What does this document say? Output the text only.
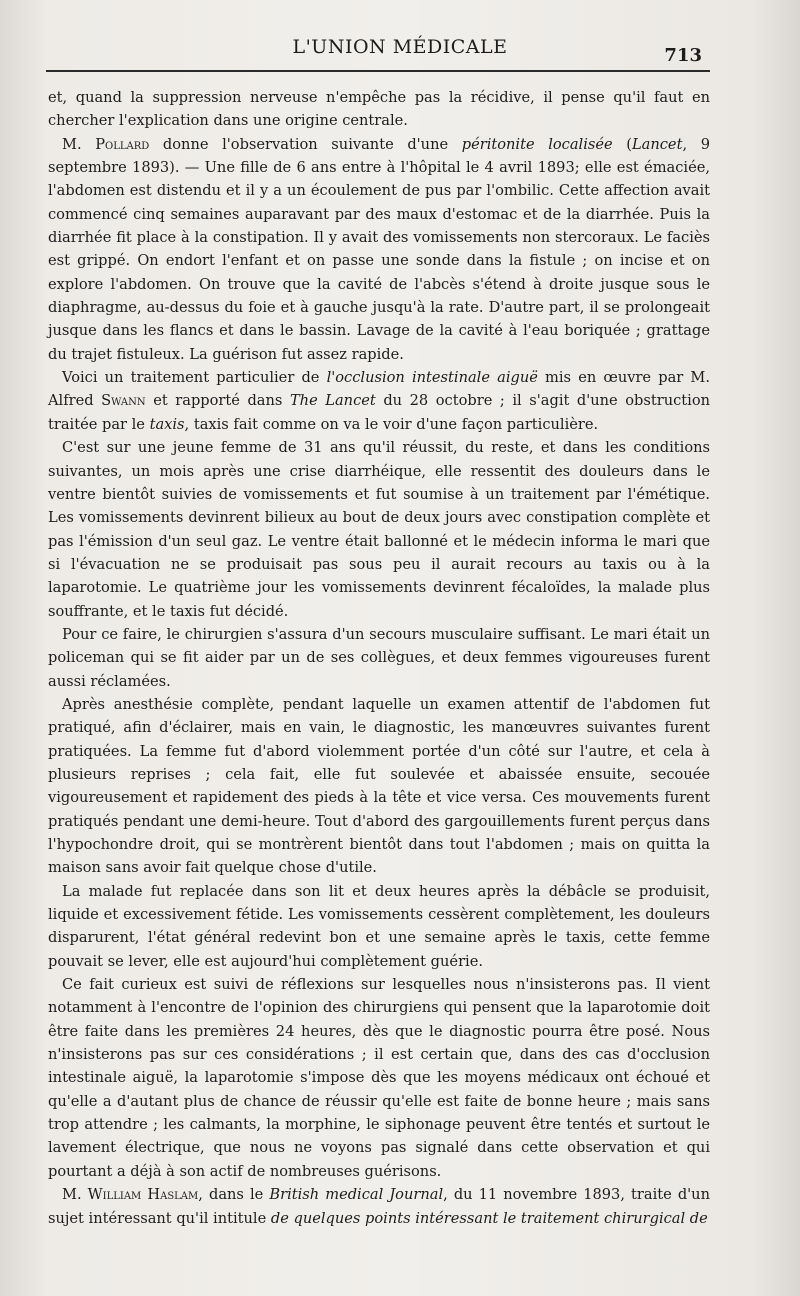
L'UNION MÉDICALE	713

et, quand la suppression nerveuse n'empêche pas la récidive, il pense qu'il faut en chercher l'explication dans une origine centrale.

M. Pollard donne l'observation suivante d'une péritonite localisée (Lancet, 9 septembre 1893). — Une fille de 6 ans entre à l'hôpital le 4 avril 1893; elle est émaciée, l'abdomen est distendu et il y a un écoulement de pus par l'ombilic. Cette affection avait commencé cinq semaines auparavant par des maux d'estomac et de la diarrhée. Puis la diarrhée fit place à la constipation. Il y avait des vomissements non stercoraux. Le faciès est grippé. On endort l'enfant et on passe une sonde dans la fistule ; on incise et on explore l'abdomen. On trouve que la cavité de l'abcès s'étend à droite jusque sous le diaphragme, au-dessus du foie et à gauche jusqu'à la rate. D'autre part, il se prolongeait jusque dans les flancs et dans le bassin. Lavage de la cavité à l'eau boriquée ; grattage du trajet fistuleux. La guérison fut assez rapide.

Voici un traitement particulier de l'occlusion intestinale aiguë mis en œuvre par M. Alfred Swann et rapporté dans The Lancet du 28 octobre ; il s'agit d'une obstruction traitée par le taxis, taxis fait comme on va le voir d'une façon particulière.

C'est sur une jeune femme de 31 ans qu'il réussit, du reste, et dans les conditions suivantes, un mois après une crise diarrhéique, elle ressentit des douleurs dans le ventre bientôt suivies de vomissements et fut soumise à un traitement par l'émétique. Les vomissements devinrent bilieux au bout de deux jours avec constipation complète et pas l'émission d'un seul gaz. Le ventre était ballonné et le médecin informa le mari que si l'évacuation ne se produisait pas sous peu il aurait recours au taxis ou à la laparotomie. Le quatrième jour les vomissements devinrent fécaloïdes, la malade plus souffrante, et le taxis fut décidé.

Pour ce faire, le chirurgien s'assura d'un secours musculaire suffisant. Le mari était un policeman qui se fit aider par un de ses collègues, et deux femmes vigoureuses furent aussi réclamées.

Après anesthésie complète, pendant laquelle un examen attentif de l'abdomen fut pratiqué, afin d'éclairer, mais en vain, le diagnostic, les manœuvres suivantes furent pratiquées. La femme fut d'abord violemment portée d'un côté sur l'autre, et cela à plusieurs reprises ; cela fait, elle fut soulevée et abaissée ensuite, secouée vigoureusement et rapidement des pieds à la tête et vice versa. Ces mouvements furent pratiqués pendant une demi-heure. Tout d'abord des gargouillements furent perçus dans l'hypochondre droit, qui se montrèrent bientôt dans tout l'abdomen ; mais on quitta la maison sans avoir fait quelque chose d'utile.

La malade fut replacée dans son lit et deux heures après la débâcle se produisit, liquide et excessivement fétide. Les vomissements cessèrent complètement, les douleurs disparurent, l'état général redevint bon et une semaine après le taxis, cette femme pouvait se lever, elle est aujourd'hui complètement guérie.

Ce fait curieux est suivi de réflexions sur lesquelles nous n'insisterons pas. Il vient notamment à l'encontre de l'opinion des chirurgiens qui pensent que la laparotomie doit être faite dans les premières 24 heures, dès que le diagnostic pourra être posé. Nous n'insisterons pas sur ces considérations ; il est certain que, dans des cas d'occlusion intestinale aiguë, la laparotomie s'impose dès que les moyens médicaux ont échoué et qu'elle a d'autant plus de chance de réussir qu'elle est faite de bonne heure ; mais sans trop attendre ; les calmants, la morphine, le siphonage peuvent être tentés et surtout le lavement électrique, que nous ne voyons pas signalé dans cette observation et qui pourtant a déjà à son actif de nombreuses guérisons.

M. William Haslam, dans le British medical Journal, du 11 novembre 1893, traite d'un sujet intéressant qu'il intitule de quelques points intéressant le traitement chirurgical de
